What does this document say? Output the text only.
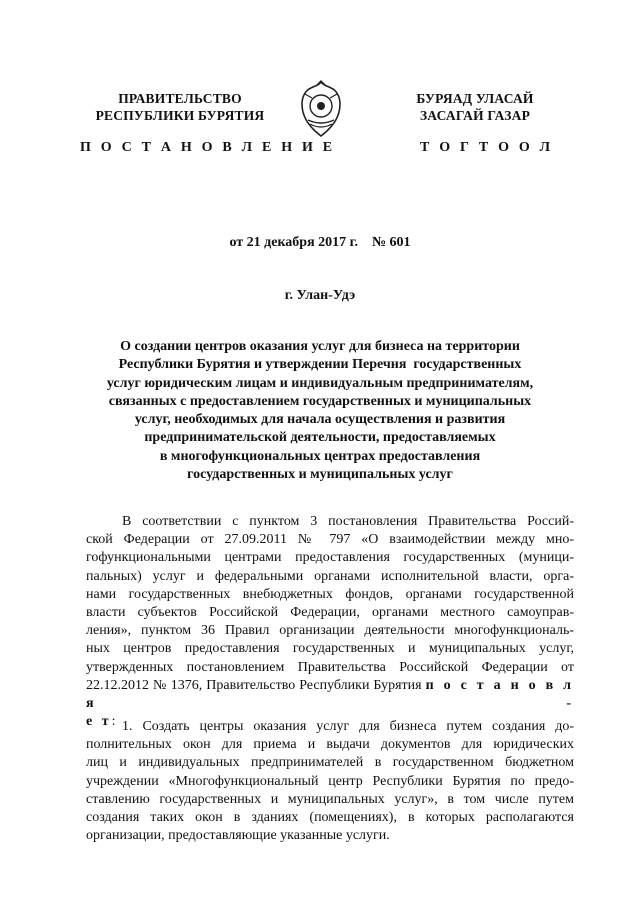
ПРАВИТЕЛЬСТВО
РЕСПУБЛИКИ БУРЯТИЯ
П О С Т А Н О В Л Е Н И Е
БУРЯАД УЛАСАЙ
ЗАСАГАЙ ГАЗАР
Т О Г Т О О Л
от 21 декабря 2017 г.    № 601
г. Улан-Удэ
О создании центров оказания услуг для бизнеса на территории
Республики Бурятия и утверждении Перечня  государственных
услуг юридическим лицам и индивидуальным предпринимателям,
связанных с предоставлением государственных и муниципальных
услуг, необходимых для начала осуществления и развития
предпринимательской деятельности, предоставляемых
в многофункциональных центрах предоставления
государственных и муниципальных услуг
В соответствии с пунктом 3 постановления Правительства Россий-
ской Федерации от 27.09.2011 № 797 «О взаимодействии между мно-
гофункциональными центрами предоставления государственных (муници-
пальных) услуг и федеральными органами исполнительной власти, орга-
нами государственных внебюджетных фондов, органами государственной
власти субъектов Российской Федерации, органами местного самоуправ-
ления», пунктом 36 Правил организации деятельности многофункциональ-
ных центров предоставления государственных и муниципальных услуг,
утвержденных постановлением Правительства Российской Федерации от
22.12.2012 № 1376, Правительство Республики Бурятия п о с т а н о в л я -
е т: 1. Создать центры оказания услуг для бизнеса путем создания до-
полнительных окон для приема и выдачи документов для юридических
лиц и индивидуальных предпринимателей в государственном бюджетном
учреждении «Многофункциональный центр Республики Бурятия по предо-
ставлению государственных и муниципальных услуг», в том числе путем
создания таких окон в зданиях (помещениях), в которых располагаются
организации, предоставляющие указанные услуги.
